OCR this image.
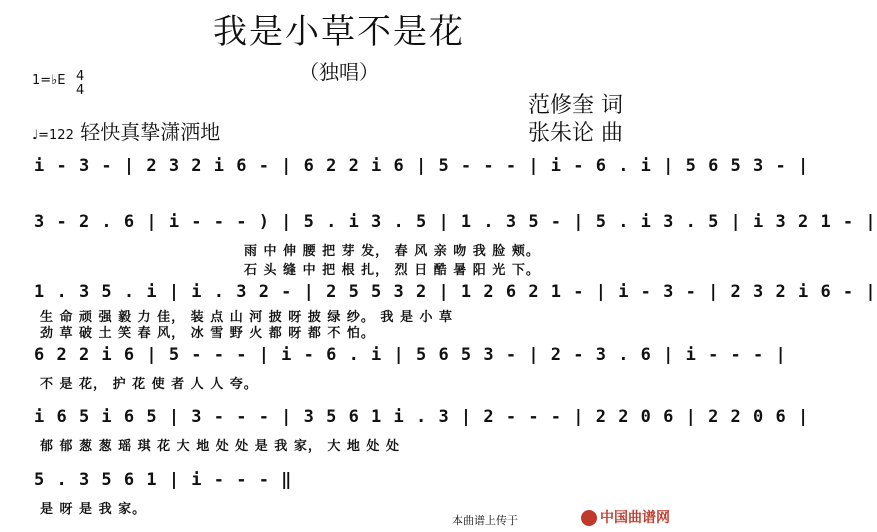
我是小草不是花
（独唱）
1=♭E 4
4
♩=122 轻快真挚潇洒地
范修奎 词
张朱论 曲
i - 3 - | 2 3 2 i 6 - | 6 2 2 i 6 | 5 - - - | i - 6 . i | 5 6 5 3 - |
3 - 2 . 6 | i - - - ) | 5 . i 3 . 5 | 1 . 3 5 - | 5 . i 3 . 5 | i 3 2 1 - |
雨 中 伸 腰 把 芽 发， 春 风 亲 吻 我 脸 颊。
石 头 缝 中 把 根 扎， 烈 日 酷 暑 阳 光 下。
1 . 3 5 . i | i . 3 2 - | 2 5 5 3 2 | 1 2 6 2 1 - | i - 3 - | 2 3 2 i 6 - |
生 命 顽 强 毅 力 佳， 装 点 山 河 披 呀 披 绿 纱。 我 是 小 草
劲 草 破 土 笑 春 风， 冰 雪 野 火 都 呀 都 不 怕。
6 2 2 i 6 | 5 - - - | i - 6 . i | 5 6 5 3 - | 2 - 3 . 6 | i - - - |
不 是 花， 护 花 使 者 人 人 夸。
i 6 5 i 6 5 | 3 - - - | 3 5 6 1 i . 3 | 2 - - - | 2 2 0 6 | 2 2 0 6 |
郁 郁 葱 葱 瑶 琪 花 大 地 处 处 是 我 家， 大 地 处 处
5 . 3 5 6 1 | i - - - ‖
是 呀 是 我 家。
本曲谱上传于	中国曲谱网
